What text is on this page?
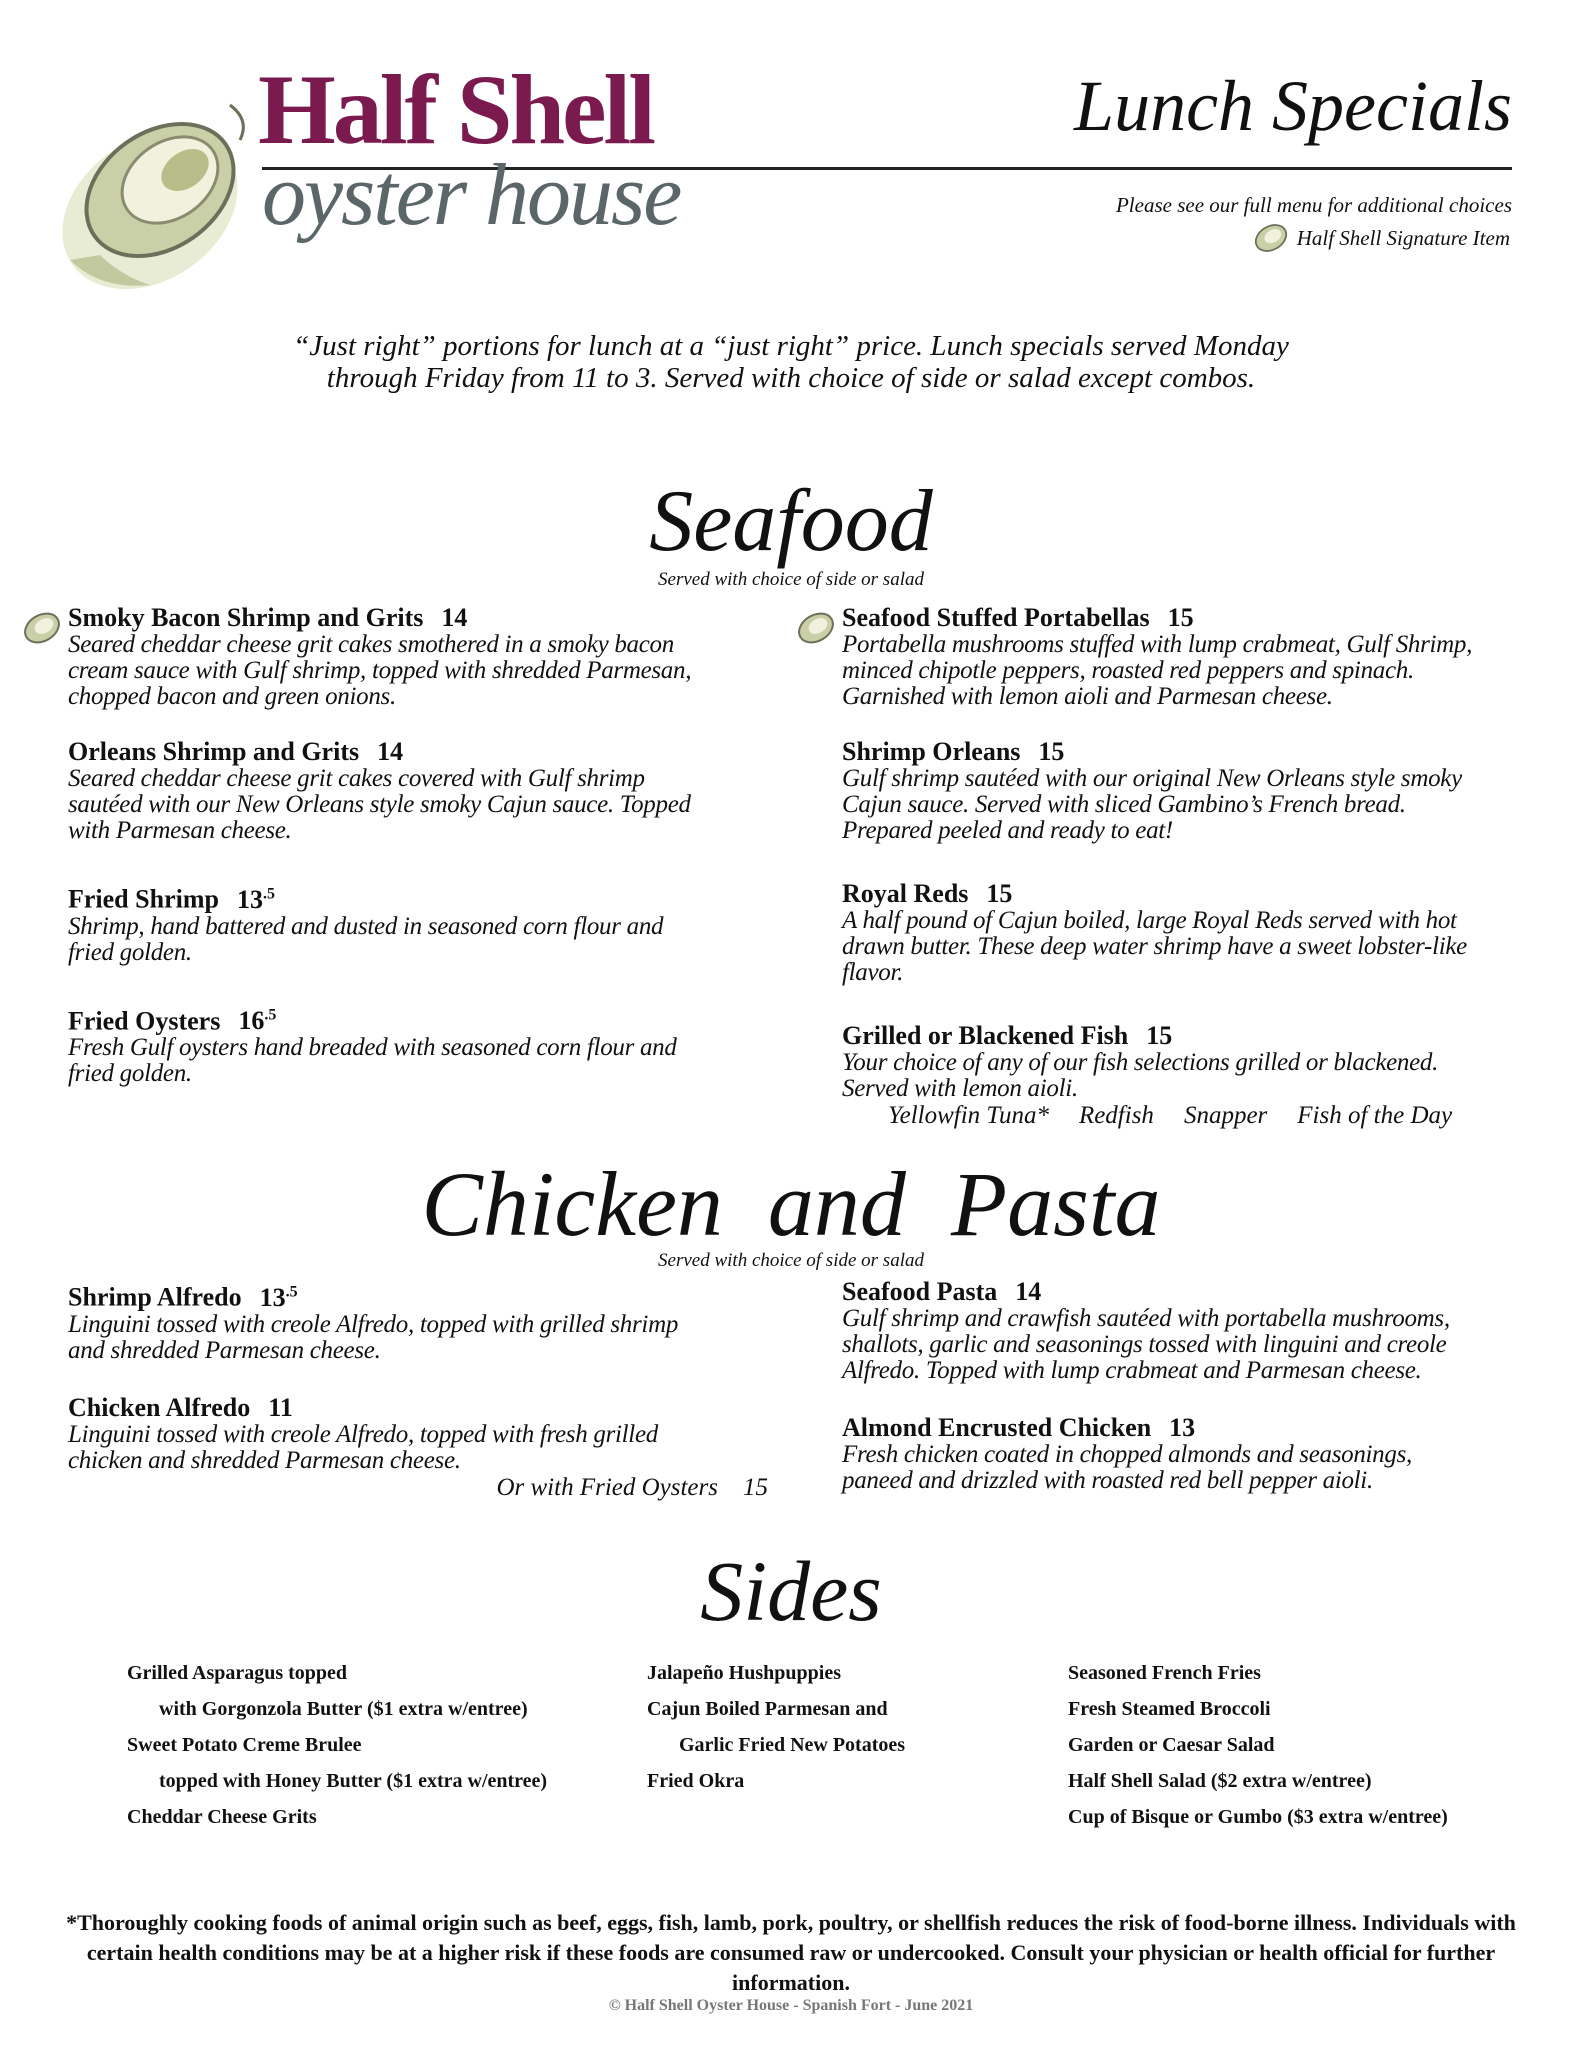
Half Shell
oyster house
Lunch Specials
Please see our full menu for additional choices
Half Shell Signature Item
“Just right” portions for lunch at a “just right” price. Lunch specials served Monday
through Friday from 11 to 3. Served with choice of side or salad except combos.
Seafood
Served with choice of side or salad
Smoky Bacon Shrimp and Grits 14
Seared cheddar cheese grit cakes smothered in a smoky bacon
cream sauce with Gulf shrimp, topped with shredded Parmesan,
chopped bacon and green onions.
Orleans Shrimp and Grits 14
Seared cheddar cheese grit cakes covered with Gulf shrimp
sautéed with our New Orleans style smoky Cajun sauce. Topped
with Parmesan cheese.
Fried Shrimp $13^{.5}$
Shrimp, hand battered and dusted in seasoned corn flour and
fried golden.
Fried Oysters $16^{.5}$
Fresh Gulf oysters hand breaded with seasoned corn flour and
fried golden.
Seafood Stuffed Portabellas 15
Portabella mushrooms stuffed with lump crabmeat, Gulf Shrimp,
minced chipotle peppers, roasted red peppers and spinach.
Garnished with lemon aioli and Parmesan cheese.
Shrimp Orleans 15
Gulf shrimp sautéed with our original New Orleans style smoky
Cajun sauce. Served with sliced Gambino’s French bread.
Prepared peeled and ready to eat!
Royal Reds 15
A half pound of Cajun boiled, large Royal Reds served with hot
drawn butter. These deep water shrimp have a sweet lobster-like
flavor.
Grilled or Blackened Fish 15
Your choice of any of our fish selections grilled or blackened.
Served with lemon aioli.
Yellowfin Tuna* Redfish Snapper Fish of the Day
Chicken and Pasta
Served with choice of side or salad
Shrimp Alfredo $13^{.5}$
Linguini tossed with creole Alfredo, topped with grilled shrimp
and shredded Parmesan cheese.
Chicken Alfredo 11
Linguini tossed with creole Alfredo, topped with fresh grilled
chicken and shredded Parmesan cheese.
Or with Fried Oysters    15
Seafood Pasta 14
Gulf shrimp and crawfish sautéed with portabella mushrooms,
shallots, garlic and seasonings tossed with linguini and creole
Alfredo. Topped with lump crabmeat and Parmesan cheese.
Almond Encrusted Chicken 13
Fresh chicken coated in chopped almonds and seasonings,
paneed and drizzled with roasted red bell pepper aioli.
Sides
Grilled Asparagus topped
with Gorgonzola Butter ($1 extra w/entree)
Sweet Potato Creme Brulee
topped with Honey Butter ($1 extra w/entree)
Cheddar Cheese Grits
Jalapeño Hushpuppies
Cajun Boiled Parmesan and
Garlic Fried New Potatoes
Fried Okra
Seasoned French Fries
Fresh Steamed Broccoli
Garden or Caesar Salad
Half Shell Salad ($2 extra w/entree)
Cup of Bisque or Gumbo ($3 extra w/entree)
*Thoroughly cooking foods of animal origin such as beef, eggs, fish, lamb, pork, poultry, or shellfish reduces the risk of food-borne illness. Individuals with certain health conditions may be at a higher risk if these foods are consumed raw or undercooked. Consult your physician or health official for further information.
© Half Shell Oyster House - Spanish Fort - June 2021
